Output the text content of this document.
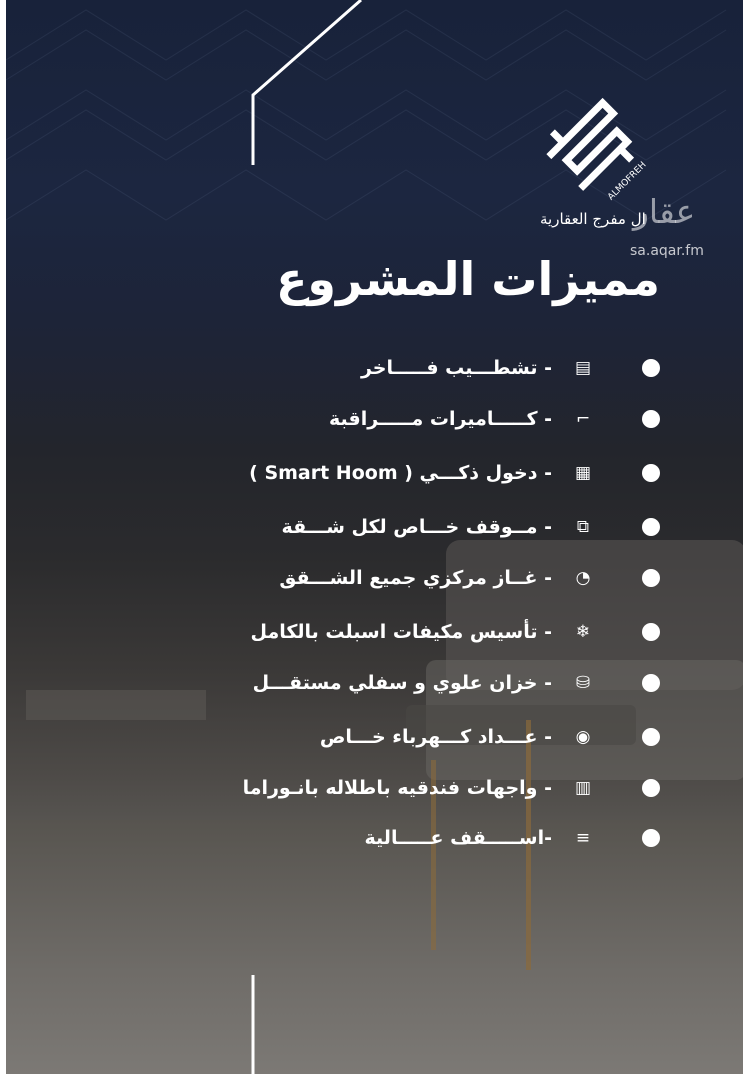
ALMOFREH
ال مفرج العقارية
عقار
sa.aqar.fm
مميزات المشروع
▤
- تشطـــيب فـــــاخر
⌐
- كـــــاميرات مـــــراقبة
▦
- دخول ذكـــي ( Smart Hoom )
⧉
- مــوقف خـــاص لكل شـــقة
◔
- غــاز مركزي جميع الشـــقق
❄
- تأسيس مكيفات اسبلت بالكامل
⛁
- خزان علوي و سفلي مستقـــل
◉
- عـــداد كـــهرباء خـــاص
▥
- واجهات فندقيه باطلاله بانـوراما
≡
-اســـــقف عـــــالية
